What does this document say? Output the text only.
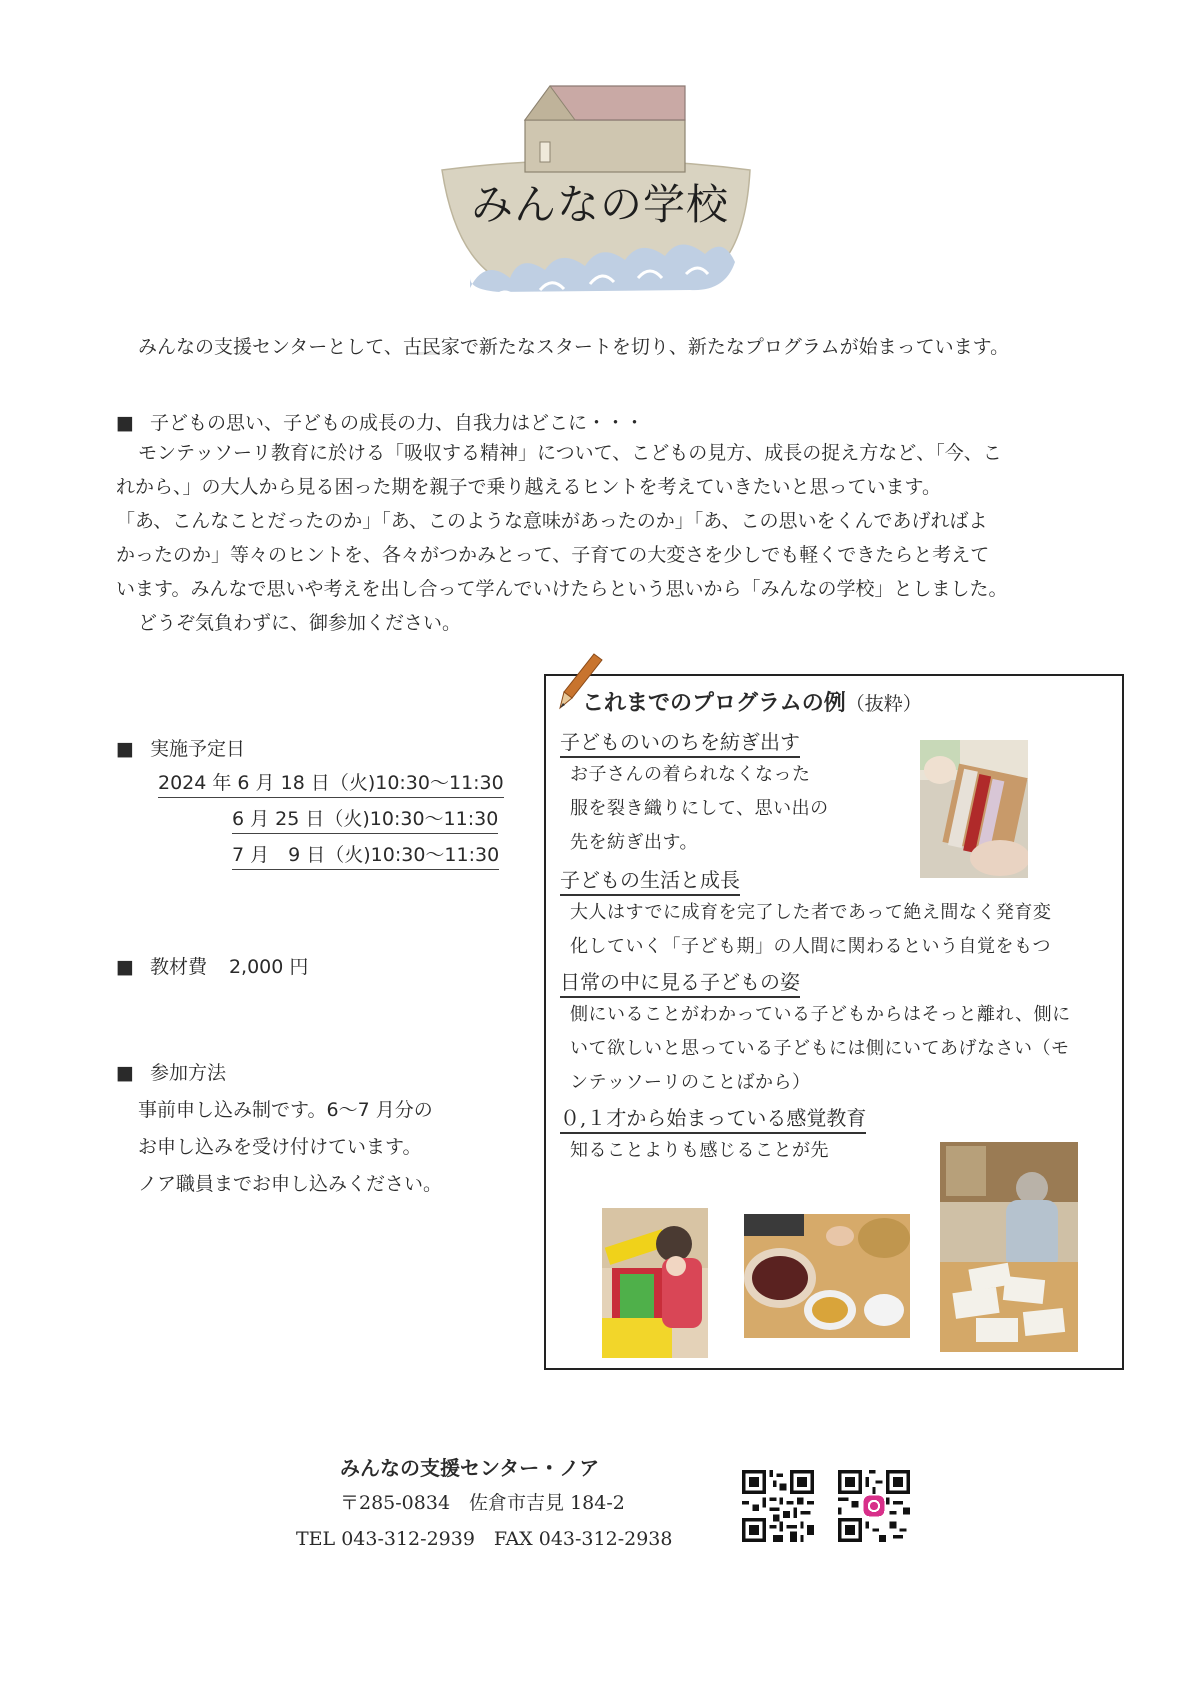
みんなの学校
みんなの支援センターとして、古民家で新たなスタートを切り、新たなプログラムが始まっています。
■ 子どもの思い、子どもの成長の力、自我力はどこに・・・
モンテッソーリ教育に於ける「吸収する精神」について、こどもの見方、成長の捉え方など、「今、こ
れから、」の大人から見る困った期を親子で乗り越えるヒントを考えていきたいと思っています。
「あ、こんなことだったのか」「あ、このような意味があったのか」「あ、この思いをくんであげればよ
かったのか」等々のヒントを、各々がつかみとって、子育ての大変さを少しでも軽くできたらと考えて
います。みんなで思いや考えを出し合って学んでいけたらという思いから「みんなの学校」としました。
どうぞ気負わずに、御参加ください。
■ 実施予定日
2024 年 6 月 18 日（火)10:30～11:30
6 月 25 日（火)10:30～11:30
7 月　9 日（火)10:30～11:30
■ 教材費 2,000 円
■ 参加方法
事前申し込み制です。6～7 月分の
お申し込みを受け付けています。
ノア職員までお申し込みください。
これまでのプログラムの例（抜粋）
子どものいのちを紡ぎ出す
お子さんの着られなくなった
服を裂き織りにして、思い出の
先を紡ぎ出す。
子どもの生活と成長
大人はすでに成育を完了した者であって絶え間なく発育変
化していく「子ども期」の人間に関わるという自覚をもつ
日常の中に見る子どもの姿
側にいることがわかっている子どもからはそっと離れ、側に
いて欲しいと思っている子どもには側にいてあげなさい（モ
ンテッソーリのことばから）
０,１才から始まっている感覚教育
知ることよりも感じることが先
みんなの支援センター・ノア
〒285-0834　佐倉市吉見 184-2
TEL 043-312-2939　FAX 043-312-2938
